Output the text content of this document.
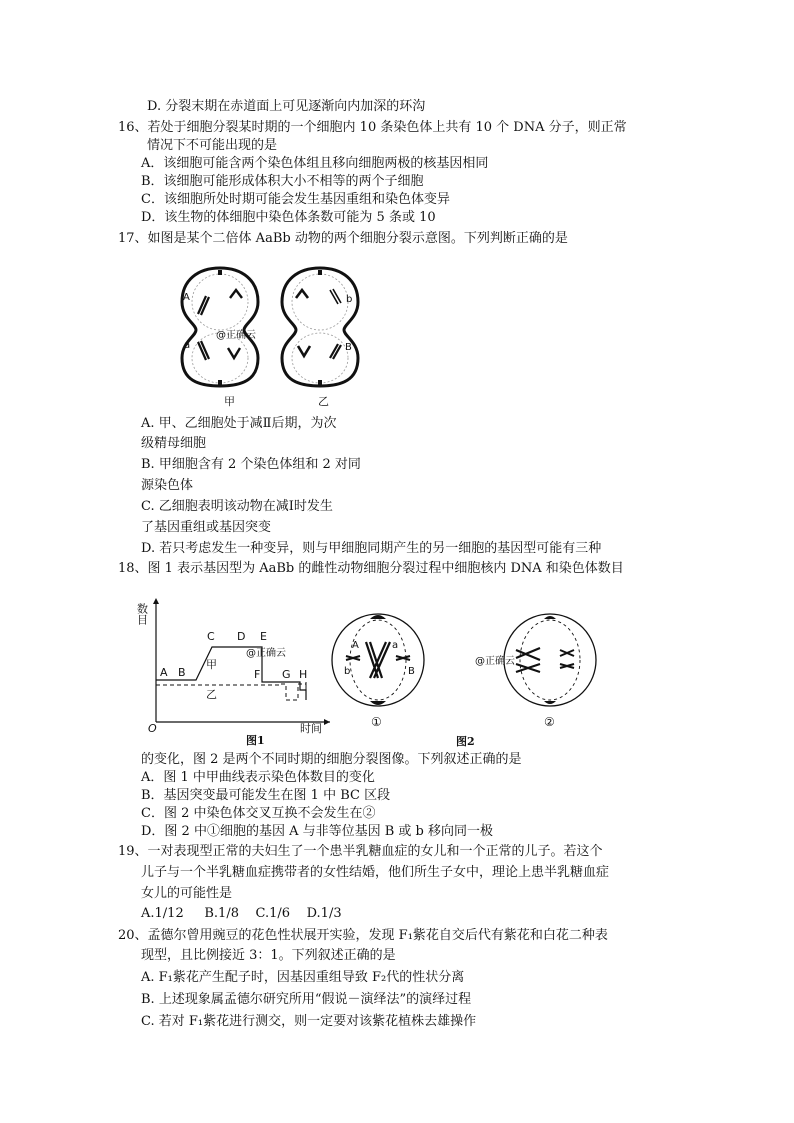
D. 分裂末期在赤道面上可见逐渐向内加深的环沟
16、若处于细胞分裂某时期的一个细胞内 10 条染色体上共有 10 个 DNA 分子，则正常
情况下不可能出现的是
A．该细胞可能含两个染色体组且移向细胞两极的核基因相同
B．该细胞可能形成体积大小不相等的两个子细胞
C．该细胞所处时期可能会发生基因重组和染色体变异
D．该生物的体细胞中染色体条数可能为 5 条或 10
17、如图是某个二倍体 AaBb 动物的两个细胞分裂示意图。下列判断正确的是
A
a
甲
b
B
乙
@正确云
A. 甲、乙细胞处于减Ⅱ后期，为次
级精母细胞
B. 甲细胞含有 2 个染色体组和 2 对同
源染色体
C. 乙细胞表明该动物在减Ⅰ时发生
了基因重组或基因突变
D. 若只考虑发生一种变异，则与甲细胞同期产生的另一细胞的基因型可能有三种
18、图 1 表示基因型为 AaBb 的雌性动物细胞分裂过程中细胞核内 DNA 和染色体数目
数目
时间
O
A B
C D E
F G H
甲
乙
@正确云
图1
A	a
b	B
①	②
@正确云
图2
的变化，图 2 是两个不同时期的细胞分裂图像。下列叙述正确的是
A．图 1 中甲曲线表示染色体数目的变化
B．基因突变最可能发生在图 1 中 BC 区段
C．图 2 中染色体交叉互换不会发生在②
D．图 2 中①细胞的基因 A 与非等位基因 B 或 b 移向同一极
19、一对表现型正常的夫妇生了一个患半乳糖血症的女儿和一个正常的儿子。若这个
儿子与一个半乳糖血症携带者的女性结婚，他们所生子女中，理论上患半乳糖血症
女儿的可能性是
A.1/12     B.1/8    C.1/6    D.1/3
20、孟德尔曾用豌豆的花色性状展开实验，发现 F₁紫花自交后代有紫花和白花二种表
现型，且比例接近 3：1。下列叙述正确的是
A. F₁紫花产生配子时，因基因重组导致 F₂代的性状分离
B. 上述现象属孟德尔研究所用“假说－演绎法”的演绎过程
C. 若对 F₁紫花进行测交，则一定要对该紫花植株去雄操作
